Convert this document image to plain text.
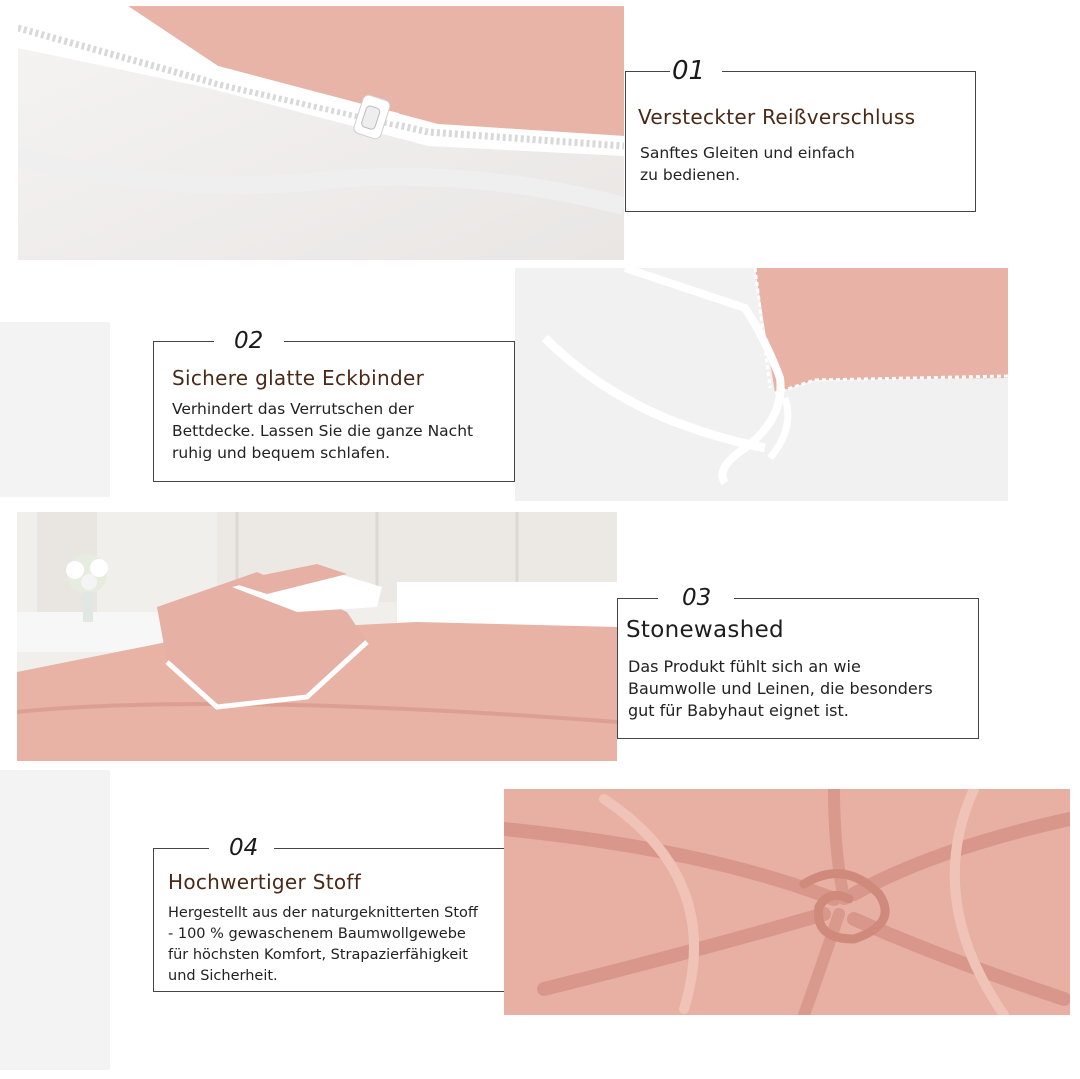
01
Versteckter Reißverschluss
Sanftes Gleiten und einfach
zu bedienen.
02
Sichere glatte Eckbinder
Verhindert das Verrutschen der
Bettdecke. Lassen Sie die ganze Nacht
ruhig und bequem schlafen.
03
Stonewashed
Das Produkt fühlt sich an wie
Baumwolle und Leinen, die besonders
gut für Babyhaut eignet ist.
04
Hochwertiger Stoff
Hergestellt aus der naturgeknitterten Stoff
- 100 % gewaschenem Baumwollgewebe
für höchsten Komfort, Strapazierfähigkeit
und Sicherheit.
